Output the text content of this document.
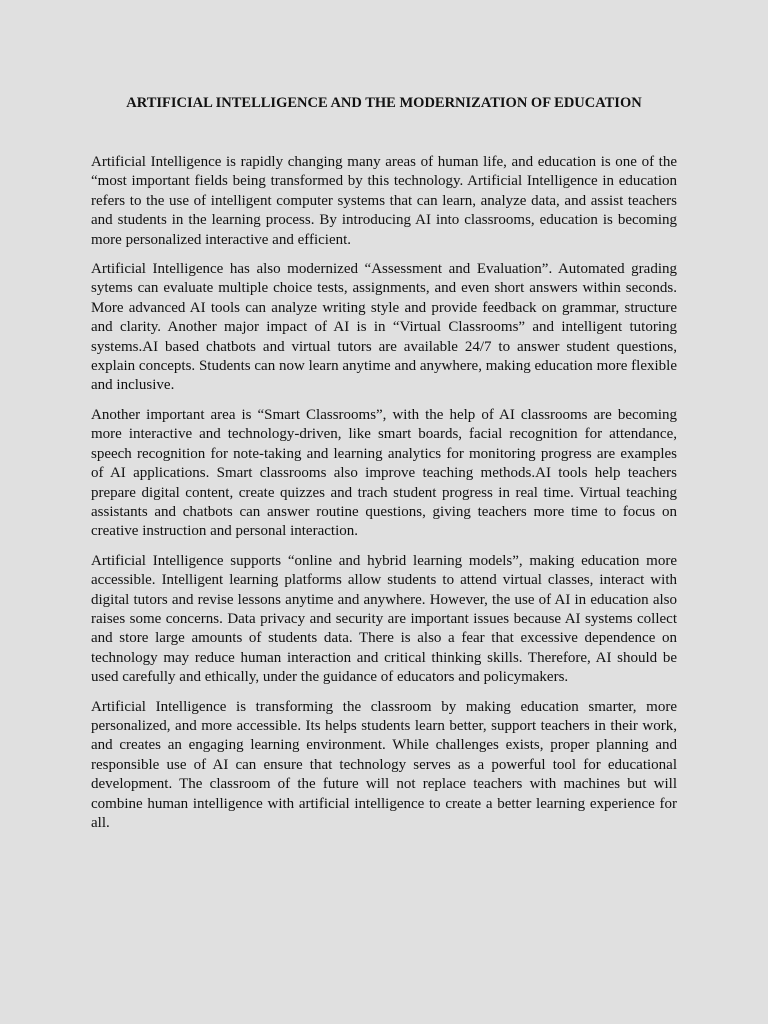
ARTIFICIAL INTELLIGENCE AND THE MODERNIZATION OF EDUCATION

Artificial Intelligence is rapidly changing many areas of human life, and education is one of the “most important fields being transformed by this technology. Artificial Intelligence in education refers to the use of intelligent computer systems that can learn, analyze data, and assist teachers and students in the learning process. By introducing AI into classrooms, education is becoming more personalized interactive and efficient.

Artificial Intelligence has also modernized “Assessment and Evaluation”. Automated grading sytems can evaluate multiple choice tests, assignments, and even short answers within seconds. More advanced AI tools can analyze writing style and provide feedback on grammar, structure and clarity. Another major impact of AI is in “Virtual Classrooms” and intelligent tutoring systems.AI based chatbots and virtual tutors are available 24/7 to answer student questions, explain concepts. Students can now learn anytime and anywhere, making education more flexible and inclusive.

Another important area is “Smart Classrooms”, with the help of AI classrooms are becoming more interactive and technology-driven, like smart boards, facial recognition for attendance, speech recognition for note-taking and learning analytics for monitoring progress are examples of AI applications. Smart classrooms also improve teaching methods.AI tools help teachers prepare digital content, create quizzes and trach student progress in real time. Virtual teaching assistants and chatbots can answer routine questions, giving teachers more time to focus on creative instruction and personal interaction.

Artificial Intelligence supports “online and hybrid learning models”, making education more accessible. Intelligent learning platforms allow students to attend virtual classes, interact with digital tutors and revise lessons anytime and anywhere. However, the use of AI in education also raises some concerns. Data privacy and security are important issues because AI systems collect and store large amounts of students data. There is also a fear that excessive dependence on technology may reduce human interaction and critical thinking skills. Therefore, AI should be used carefully and ethically, under the guidance of educators and policymakers.

Artificial Intelligence is transforming the classroom by making education smarter, more personalized, and more accessible. Its helps students learn better, support teachers in their work, and creates an engaging learning environment. While challenges exists, proper planning and responsible use of AI can ensure that technology serves as a powerful tool for educational development. The classroom of the future will not replace teachers with machines but will combine human intelligence with artificial intelligence to create a better learning experience for all.
